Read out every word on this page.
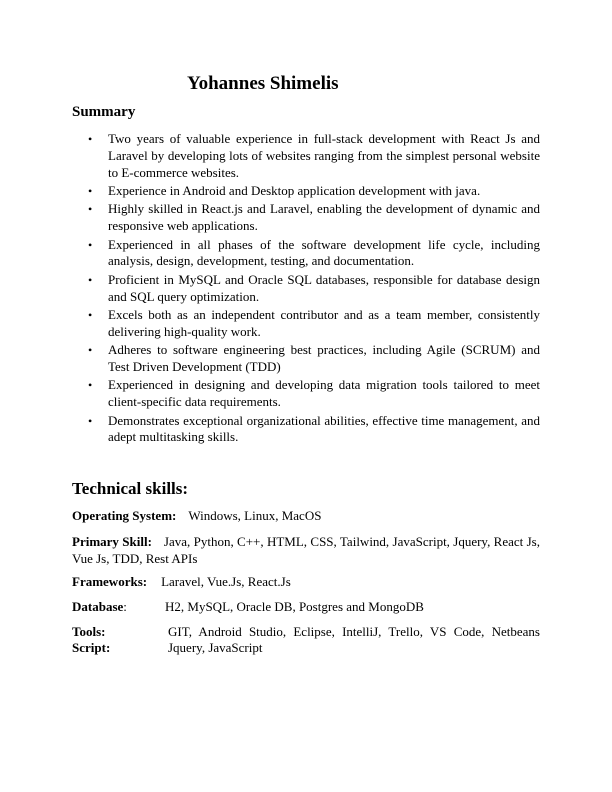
Yohannes Shimelis
Summary
• Two years of valuable experience in full-stack development with React Js and Laravel by developing lots of websites ranging from the simplest personal website to E-commerce websites.
• Experience in Android and Desktop application development with java.
• Highly skilled in React.js and Laravel, enabling the development of dynamic and responsive web applications.
• Experienced in all phases of the software development life cycle, including analysis, design, development, testing, and documentation.
• Proficient in MySQL and Oracle SQL databases, responsible for database design and SQL query optimization.
• Excels both as an independent contributor and as a team member, consistently delivering high-quality work.
• Adheres to software engineering best practices, including Agile (SCRUM) and Test Driven Development (TDD)
• Experienced in designing and developing data migration tools tailored to meet client-specific data requirements.
• Demonstrates exceptional organizational abilities, effective time management, and adept multitasking skills.
Technical skills:
Operating System: Windows, Linux, MacOS
Primary Skill: Java, Python, C++, HTML, CSS, Tailwind, JavaScript, Jquery, React Js, Vue Js, TDD, Rest APIs
Frameworks: Laravel, Vue.Js, React.Js
Database:	H2, MySQL, Oracle DB, Postgres and MongoDB
Tools:	GIT, Android Studio, Eclipse, IntelliJ, Trello, VS Code, Netbeans
Script:	Jquery, JavaScript
